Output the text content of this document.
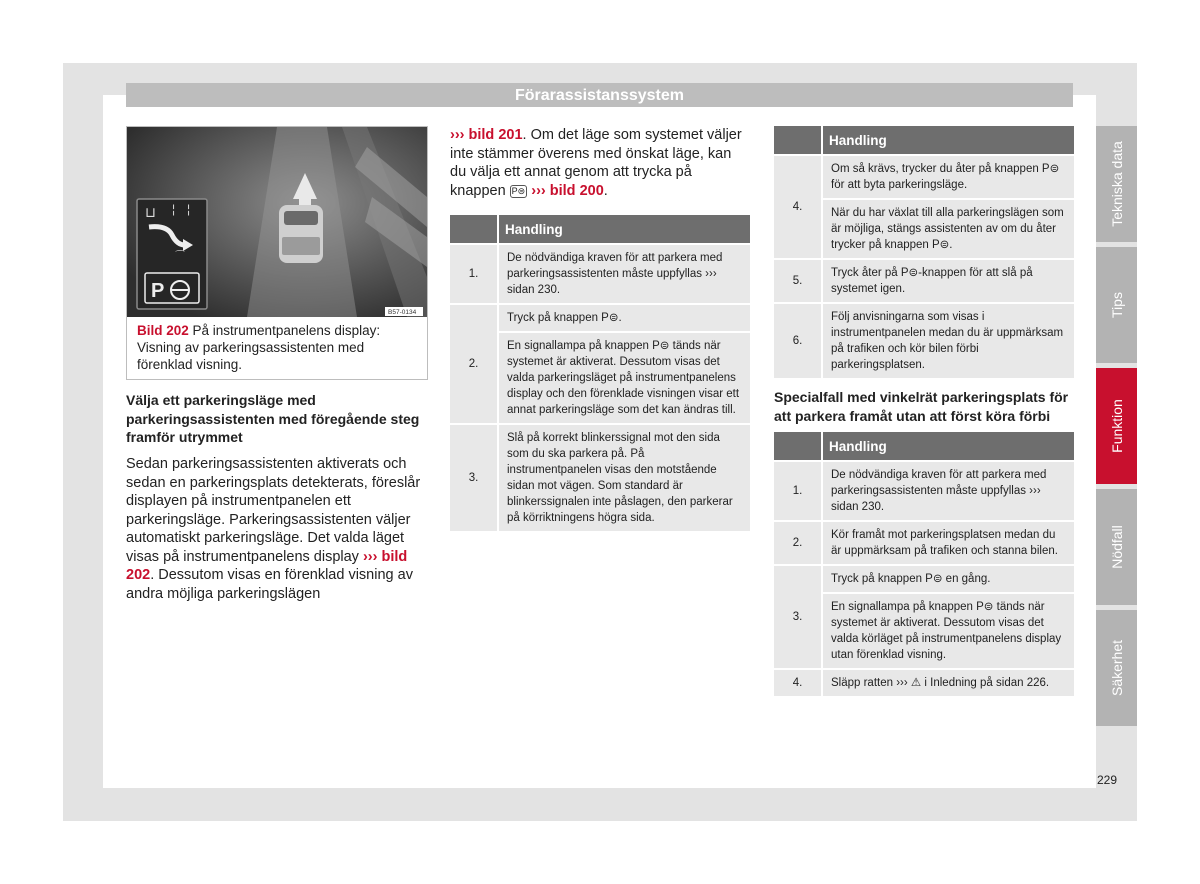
Förarassistanssystem
⊔ ¦ ¦
⌒
P
B57-0134
Bild 202 På instrumentpanelens display: Visning av parkeringsassistenten med förenklad visning.
Välja ett parkeringsläge med parkeringsassistenten med föregående steg framför utrymmet
Sedan parkeringsassistenten aktiverats och sedan en parkeringsplats detekterats, föreslår displayen på instrumentpanelen ett parkeringsläge. Parkeringsassistenten väljer automatiskt parkeringsläge. Det valda läget visas på instrumentpanelens display ››› bild 202. Dessutom visas en förenklad visning av andra möjliga parkeringslägen
››› bild 201. Om det läge som systemet väljer inte stämmer överens med önskat läge, kan du välja ett annat genom att trycka på knappen P⊜ ››› bild 200.
	Handling
1.	De nödvändiga kraven för att parkera med parkeringsassistenten måste uppfyllas ››› sidan 230.
2.	Tryck på knappen P⊜.
	En signallampa på knappen P⊜ tänds när systemet är aktiverat. Dessutom visas det valda parkeringsläget på instrumentpanelens display och den förenklade visningen visar ett annat parkeringsläge som det kan ändras till.
3.	Slå på korrekt blinkerssignal mot den sida som du ska parkera på. På instrumentpanelen visas den motstående sidan mot vägen. Som standard är blinkerssignalen inte påslagen, den parkerar på körriktningens högra sida.
	Handling
4.	Om så krävs, trycker du åter på knappen P⊜ för att byta parkeringsläge.
	När du har växlat till alla parkeringslägen som är möjliga, stängs assistenten av om du åter trycker på knappen P⊜.
5.	Tryck åter på P⊜-knappen för att slå på systemet igen.
6.	Följ anvisningarna som visas i instrumentpanelen medan du är uppmärksam på trafiken och kör bilen förbi parkeringsplatsen.
Specialfall med vinkelrät parkeringsplats för att parkera framåt utan att först köra förbi
	Handling
1.	De nödvändiga kraven för att parkera med parkeringsassistenten måste uppfyllas ››› sidan 230.
2.	Kör framåt mot parkeringsplatsen medan du är uppmärksam på trafiken och stanna bilen.
3.	Tryck på knappen P⊜ en gång.
	En signallampa på knappen P⊜ tänds när systemet är aktiverat. Dessutom visas det valda körläget på instrumentpanelens display utan förenklad visning.
4.	Släpp ratten ››› ⚠ i Inledning på sidan 226.
Tekniska data
Tips
Funktion
Nödfall
Säkerhet
229
